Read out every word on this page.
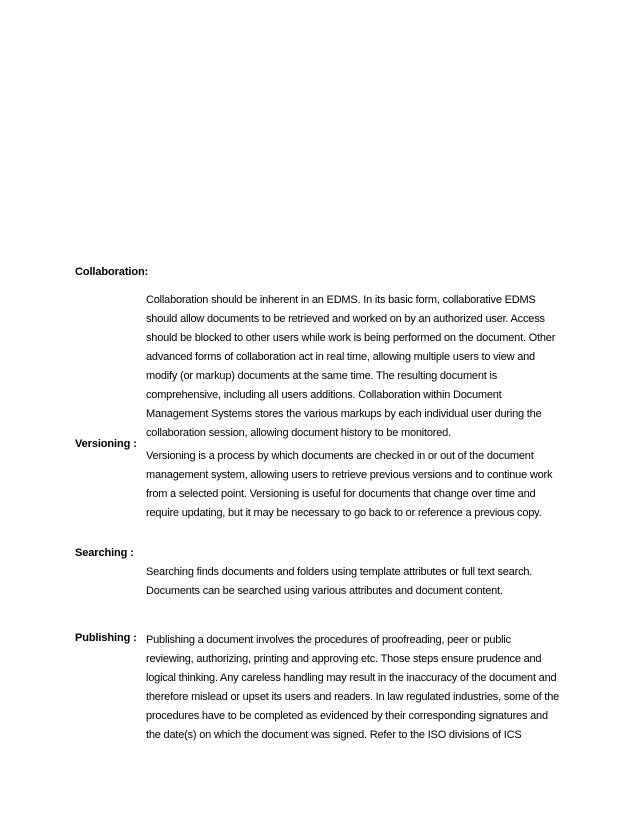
Collaboration:
Collaboration should be inherent in an EDMS. In its basic form, collaborative EDMS
should allow documents to be retrieved and worked on by an authorized user. Access
should be blocked to other users while work is being performed on the document. Other
advanced forms of collaboration act in real time, allowing multiple users to view and
modify (or markup) documents at the same time. The resulting document is
comprehensive, including all users additions. Collaboration within Document
Management Systems stores the various markups by each individual user during the
collaboration session, allowing document history to be monitored.
Versioning :
Versioning is a process by which documents are checked in or out of the document
management system, allowing users to retrieve previous versions and to continue work
from a selected point. Versioning is useful for documents that change over time and
require updating, but it may be necessary to go back to or reference a previous copy.
Searching :
Searching finds documents and folders using template attributes or full text search.
Documents can be searched using various attributes and document content.
Publishing : Publishing a document involves the procedures of proofreading, peer or public
reviewing, authorizing, printing and approving etc. Those steps ensure prudence and
logical thinking. Any careless handling may result in the inaccuracy of the document and
therefore mislead or upset its users and readers. In law regulated industries, some of the
procedures have to be completed as evidenced by their corresponding signatures and
the date(s) on which the document was signed. Refer to the ISO divisions of ICS
